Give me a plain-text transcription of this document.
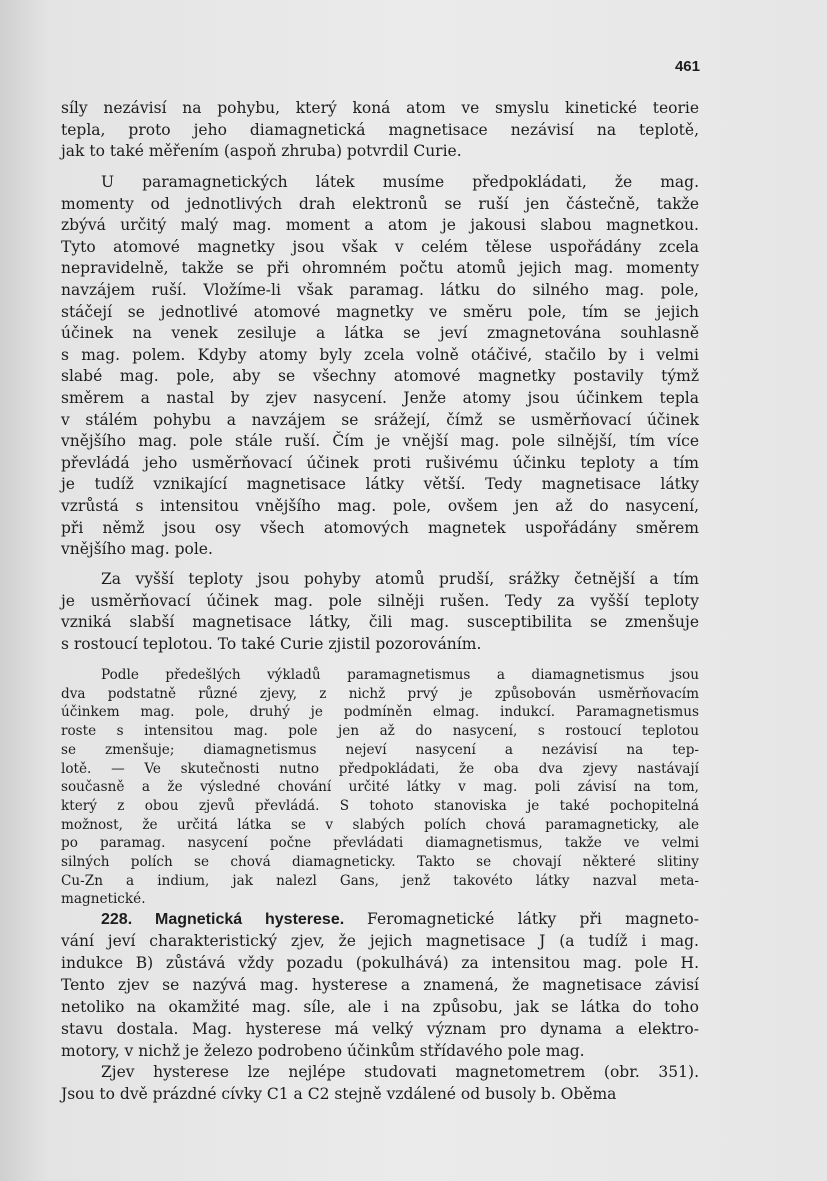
461
síly nezávisí na pohybu, který koná atom ve smyslu kinetické teorie
tepla, proto jeho diamagnetická magnetisace nezávisí na teplotě,
jak to také měřením (aspoň zhruba) potvrdil Curie.
U paramagnetických látek musíme předpokládati, že mag.
momenty od jednotlivých drah elektronů se ruší jen částečně, takže
zbývá určitý malý mag. moment a atom je jakousi slabou magnetkou.
Tyto atomové magnetky jsou však v celém tělese uspořádány zcela
nepravidelně, takže se při ohromném počtu atomů jejich mag. momenty
navzájem ruší. Vložíme-li však paramag. látku do silného mag. pole,
stáčejí se jednotlivé atomové magnetky ve směru pole, tím se jejich
účinek na venek zesiluje a látka se jeví zmagnetována souhlasně
s mag. polem. Kdyby atomy byly zcela volně otáčivé, stačilo by i velmi
slabé mag. pole, aby se všechny atomové magnetky postavily týmž
směrem a nastal by zjev nasycení. Jenže atomy jsou účinkem tepla
v stálém pohybu a navzájem se srážejí, čímž se usměrňovací účinek
vnějšího mag. pole stále ruší. Čím je vnější mag. pole silnější, tím více
převládá jeho usměrňovací účinek proti rušivému účinku teploty a tím
je tudíž vznikající magnetisace látky větší. Tedy magnetisace látky
vzrůstá s intensitou vnějšího mag. pole, ovšem jen až do nasycení,
při němž jsou osy všech atomových magnetek uspořádány směrem
vnějšího mag. pole.
Za vyšší teploty jsou pohyby atomů prudší, srážky četnější a tím
je usměrňovací účinek mag. pole silněji rušen. Tedy za vyšší teploty
vzniká slabší magnetisace látky, čili mag. susceptibilita se zmenšuje
s rostoucí teplotou. To také Curie zjistil pozorováním.
Podle předešlých výkladů paramagnetismus a diamagnetismus jsou
dva podstatně různé zjevy, z nichž prvý je způsobován usměrňovacím
účinkem mag. pole, druhý je podmíněn elmag. indukcí. Paramagnetismus
roste s intensitou mag. pole jen až do nasycení, s rostoucí teplotou
se zmenšuje; diamagnetismus nejeví nasycení a nezávisí na tep-
lotě. — Ve skutečnosti nutno předpokládati, že oba dva zjevy nastávají
současně a že výsledné chování určité látky v mag. poli závisí na tom,
který z obou zjevů převládá. S tohoto stanoviska je také pochopitelná
možnost, že určitá látka se v slabých polích chová paramagneticky, ale
po paramag. nasycení počne převládati diamagnetismus, takže ve velmi
silných polích se chová diamagneticky. Takto se chovají některé slitiny
Cu-Zn a indium, jak nalezl Gans, jenž takovéto látky nazval meta-
magnetické.
228. Magnetická hysterese. Feromagnetické látky při magneto-
vání jeví charakteristický zjev, že jejich magnetisace J (a tudíž i mag.
indukce B) zůstává vždy pozadu (pokulhává) za intensitou mag. pole H.
Tento zjev se nazývá mag. hysterese a znamená, že magnetisace závisí
netoliko na okamžité mag. síle, ale i na způsobu, jak se látka do toho
stavu dostala. Mag. hysterese má velký význam pro dynama a elektro-
motory, v nichž je železo podrobeno účinkům střídavého pole mag.
Zjev hysterese lze nejlépe studovati magnetometrem (obr. 351).
Jsou to dvě prázdné cívky C1 a C2 stejně vzdálené od busoly b. Oběma
